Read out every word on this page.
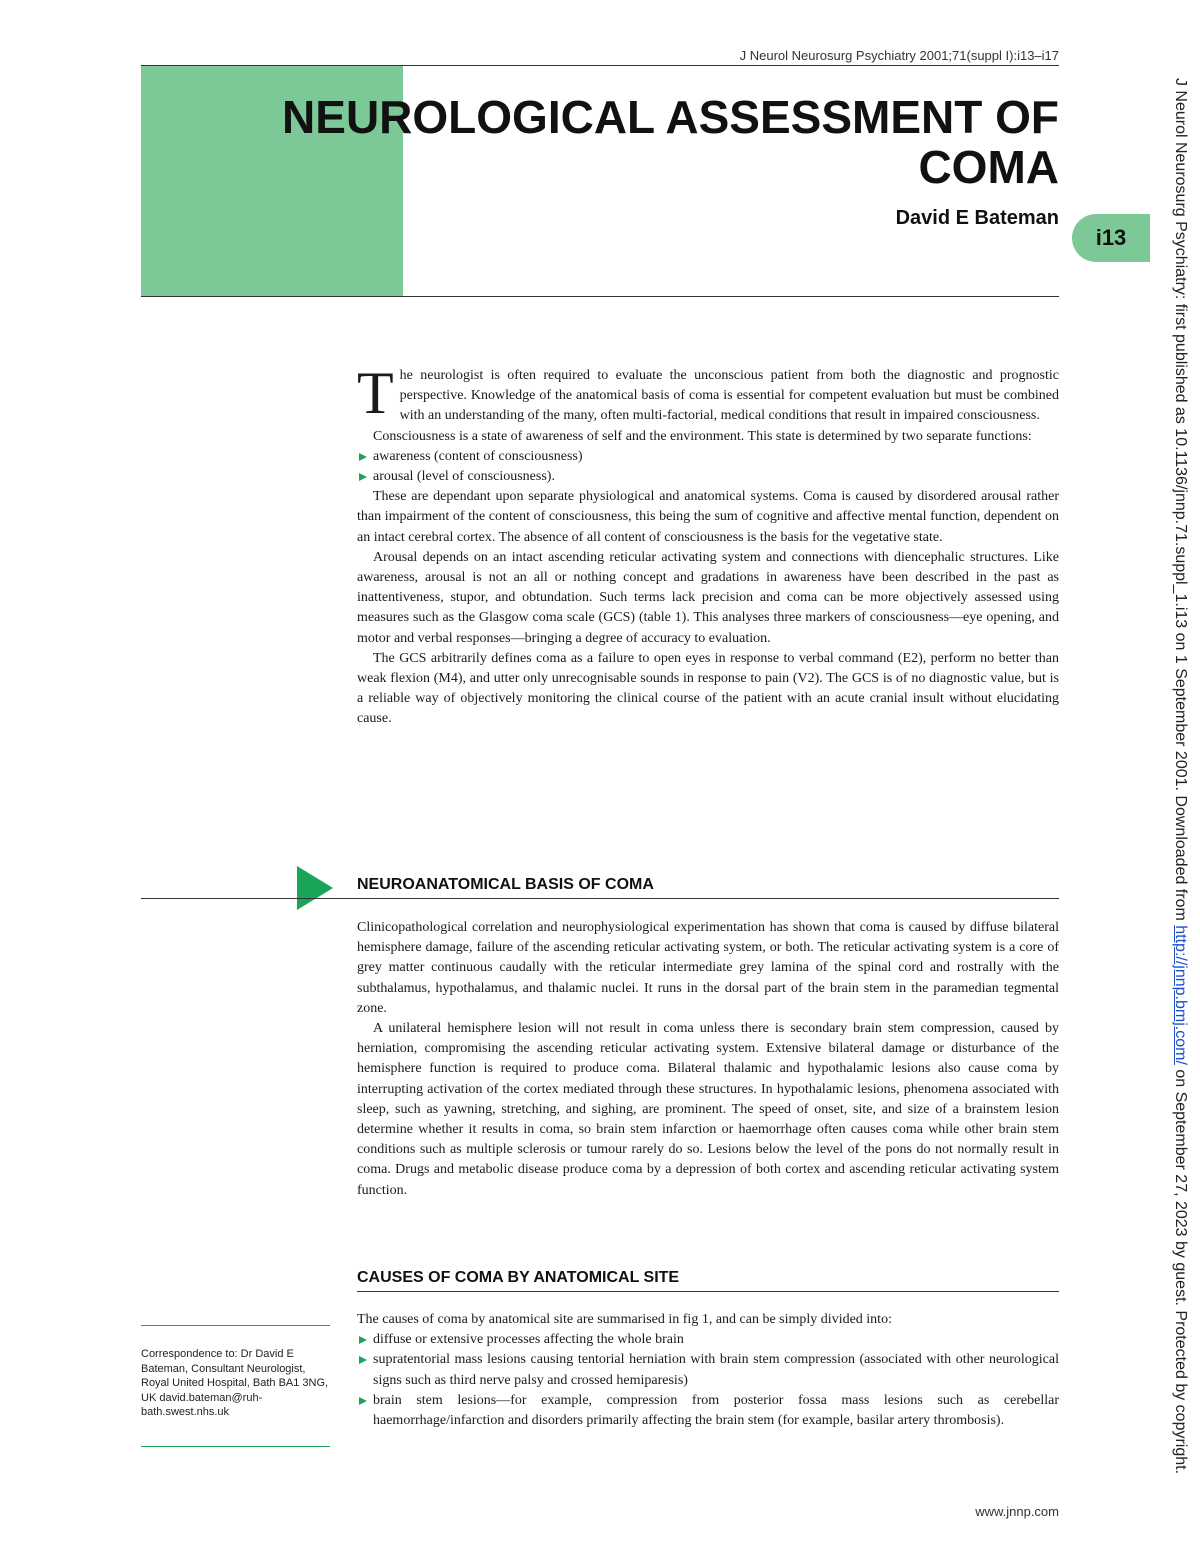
J Neurol Neurosurg Psychiatry 2001;71(suppl I):i13–i17
NEUROLOGICAL ASSESSMENT OF COMA
David E Bateman
i13	J Neurol Neurosurg Psychiatry: first published as 10.1136/jnnp.71.suppl_1.i13 on 1 September 2001. Downloaded from http://jnnp.bmj.com/ on September 27, 2023 by guest. Protected by copyright.

The neurologist is often required to evaluate the unconscious patient from both the diagnostic and prognostic perspective. Knowledge of the anatomical basis of coma is essential for competent evaluation but must be combined with an understanding of the many, often multi-factorial, medical conditions that result in impaired consciousness.

Consciousness is a state of awareness of self and the environment. This state is determined by two separate functions:

awareness (content of consciousness)
arousal (level of consciousness).

These are dependant upon separate physiological and anatomical systems. Coma is caused by disordered arousal rather than impairment of the content of consciousness, this being the sum of cognitive and affective mental function, dependent on an intact cerebral cortex. The absence of all content of consciousness is the basis for the vegetative state.

Arousal depends on an intact ascending reticular activating system and connections with diencephalic structures. Like awareness, arousal is not an all or nothing concept and gradations in awareness have been described in the past as inattentiveness, stupor, and obtundation. Such terms lack precision and coma can be more objectively assessed using measures such as the Glasgow coma scale (GCS) (table 1). This analyses three markers of consciousness—eye opening, and motor and verbal responses—bringing a degree of accuracy to evaluation.

The GCS arbitrarily defines coma as a failure to open eyes in response to verbal command (E2), perform no better than weak flexion (M4), and utter only unrecognisable sounds in response to pain (V2). The GCS is of no diagnostic value, but is a reliable way of objectively monitoring the clinical course of the patient with an acute cranial insult without elucidating cause.

NEUROANATOMICAL BASIS OF COMA

Clinicopathological correlation and neurophysiological experimentation has shown that coma is caused by diffuse bilateral hemisphere damage, failure of the ascending reticular activating system, or both. The reticular activating system is a core of grey matter continuous caudally with the reticular intermediate grey lamina of the spinal cord and rostrally with the subthalamus, hypothalamus, and thalamic nuclei. It runs in the dorsal part of the brain stem in the paramedian tegmental zone.

A unilateral hemisphere lesion will not result in coma unless there is secondary brain stem compression, caused by herniation, compromising the ascending reticular activating system. Extensive bilateral damage or disturbance of the hemisphere function is required to produce coma. Bilateral thalamic and hypothalamic lesions also cause coma by interrupting activation of the cortex mediated through these structures. In hypothalamic lesions, phenomena associated with sleep, such as yawning, stretching, and sighing, are prominent. The speed of onset, site, and size of a brainstem lesion determine whether it results in coma, so brain stem infarction or haemorrhage often causes coma while other brain stem conditions such as multiple sclerosis or tumour rarely do so. Lesions below the level of the pons do not normally result in coma. Drugs and metabolic disease produce coma by a depression of both cortex and ascending reticular activating system function.

CAUSES OF COMA BY ANATOMICAL SITE

The causes of coma by anatomical site are summarised in fig 1, and can be simply divided into:

diffuse or extensive processes affecting the whole brain
supratentorial mass lesions causing tentorial herniation with brain stem compression (associated with other neurological signs such as third nerve palsy and crossed hemiparesis)
brain stem lesions—for example, compression from posterior fossa mass lesions such as cerebellar haemorrhage/infarction and disorders primarily affecting the brain stem (for example, basilar artery thrombosis).
Correspondence to: Dr David E Bateman, Consultant Neurologist, Royal United Hospital, Bath BA1 3NG, UK david.bateman@ruh-bath.swest.nhs.uk
www.jnnp.com
